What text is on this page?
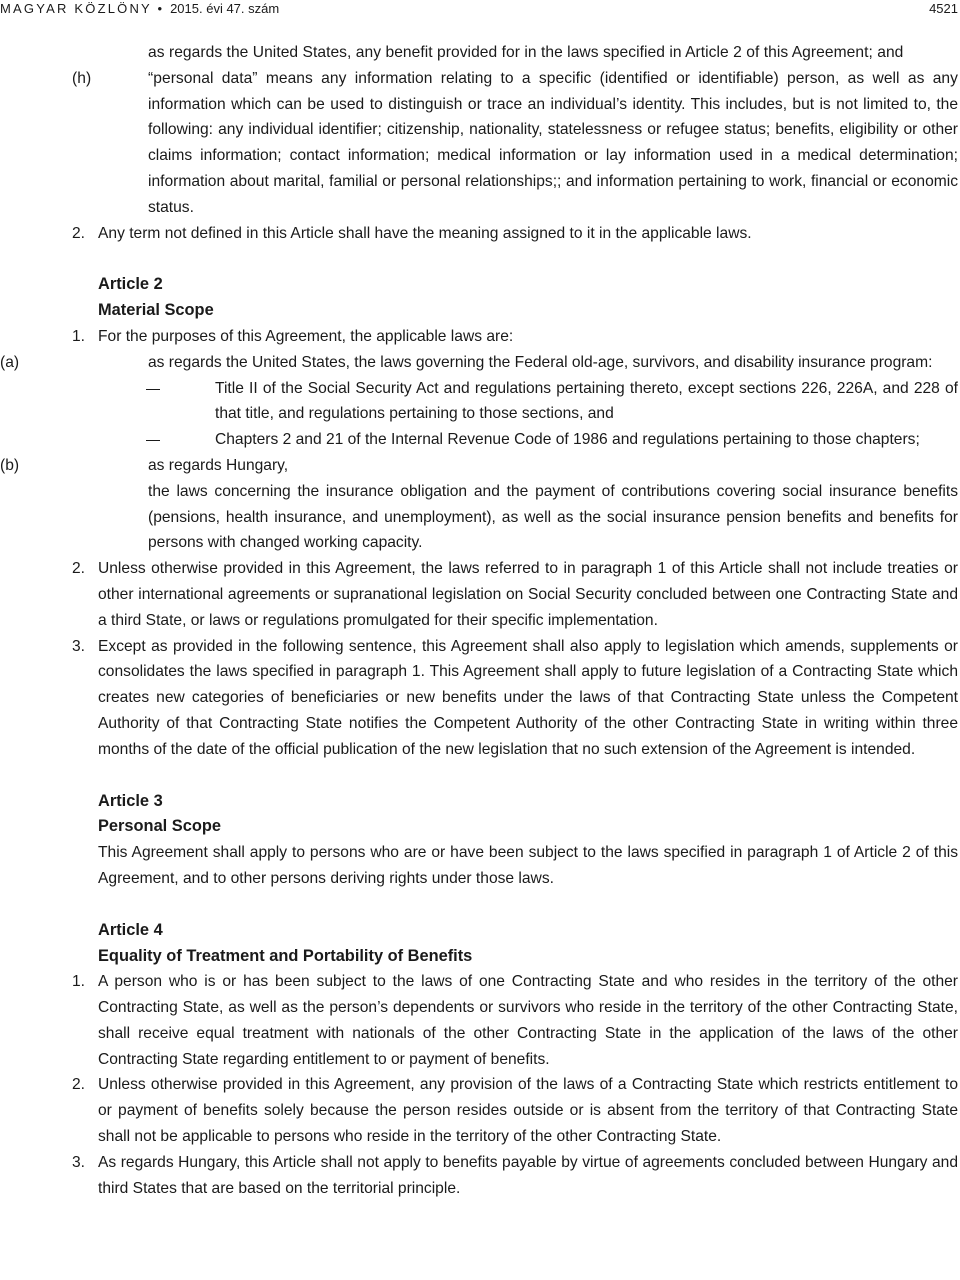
MAGYAR KÖZLÖNY • 2015. évi 47. szám	4521

as regards the United States, any benefit provided for in the laws specified in Article 2 of this Agreement; and

(h)	“personal data” means any information relating to a specific (identified or identifiable) person, as well as any information which can be used to distinguish or trace an individual’s identity. This includes, but is not limited to, the following: any individual identifier; citizenship, nationality, statelessness or refugee status; benefits, eligibility or other claims information; contact information; medical information or lay information used in a medical determination; information about marital, familial or personal relationships;; and information pertaining to work, financial or economic status.

2. Any term not defined in this Article shall have the meaning assigned to it in the applicable laws.

Article 2
Material Scope
1. For the purposes of this Agreement, the applicable laws are:

(a)	as regards the United States, the laws governing the Federal old-age, survivors, and disability insurance program:

Title II of the Social Security Act and regulations pertaining thereto, except sections 226, 226A, and 228 of that title, and regulations pertaining to those sections, and

Chapters 2 and 21 of the Internal Revenue Code of 1986 and regulations pertaining to those chapters;

(b)	as regards Hungary,

the laws concerning the insurance obligation and the payment of contributions covering social insurance benefits (pensions, health insurance, and unemployment), as well as the social insurance pension benefits and benefits for persons with changed working capacity.

2. Unless otherwise provided in this Agreement, the laws referred to in paragraph 1 of this Article shall not include treaties or other international agreements or supranational legislation on Social Security concluded between one Contracting State and a third State, or laws or regulations promulgated for their specific implementation.

3. Except as provided in the following sentence, this Agreement shall also apply to legislation which amends, supplements or consolidates the laws specified in paragraph 1. This Agreement shall apply to future legislation of a Contracting State which creates new categories of beneficiaries or new benefits under the laws of that Contracting State unless the Competent Authority of that Contracting State notifies the Competent Authority of the other Contracting State in writing within three months of the date of the official publication of the new legislation that no such extension of the Agreement is intended.

Article 3
Personal Scope

This Agreement shall apply to persons who are or have been subject to the laws specified in paragraph 1 of Article 2 of this Agreement, and to other persons deriving rights under those laws.

Article 4
Equality of Treatment and Portability of Benefits
1. A person who is or has been subject to the laws of one Contracting State and who resides in the territory of the other Contracting State, as well as the person’s dependents or survivors who reside in the territory of the other Contracting State, shall receive equal treatment with nationals of the other Contracting State in the application of the laws of the other Contracting State regarding entitlement to or payment of benefits.

2. Unless otherwise provided in this Agreement, any provision of the laws of a Contracting State which restricts entitlement to or payment of benefits solely because the person resides outside or is absent from the territory of that Contracting State shall not be applicable to persons who reside in the territory of the other Contracting State.

3. As regards Hungary, this Article shall not apply to benefits payable by virtue of agreements concluded between Hungary and third States that are based on the territorial principle.
